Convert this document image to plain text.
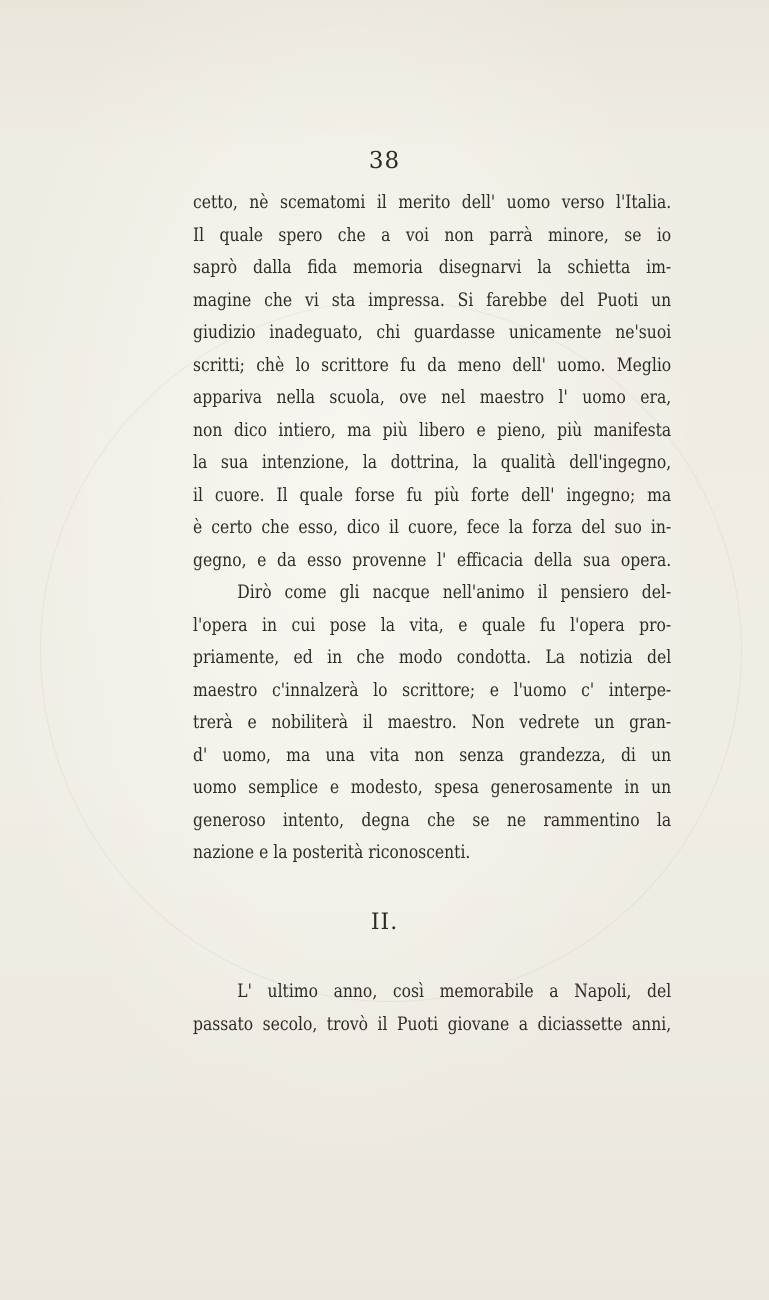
38
cetto, nè scematomi il merito dell' uomo verso l'Italia.
Il quale spero che a voi non parrà minore, se io
saprò dalla fida memoria disegnarvi la schietta im-
magine che vi sta impressa. Si farebbe del Puoti un
giudizio inadeguato, chi guardasse unicamente ne'suoi
scritti; chè lo scrittore fu da meno dell' uomo. Meglio
appariva nella scuola, ove nel maestro l' uomo era,
non dico intiero, ma più libero e pieno, più manifesta
la sua intenzione, la dottrina, la qualità dell'ingegno,
il cuore. Il quale forse fu più forte dell' ingegno; ma
è certo che esso, dico il cuore, fece la forza del suo in-
gegno, e da esso provenne l' efficacia della sua opera.
Dirò come gli nacque nell'animo il pensiero del-
l'opera in cui pose la vita, e quale fu l'opera pro-
priamente, ed in che modo condotta. La notizia del
maestro c'innalzerà lo scrittore; e l'uomo c' interpe-
trerà e nobiliterà il maestro. Non vedrete un gran-
d' uomo, ma una vita non senza grandezza, di un
uomo semplice e modesto, spesa generosamente in un
generoso intento, degna che se ne rammentino la
nazione e la posterità riconoscenti.
II.
L' ultimo anno, così memorabile a Napoli, del
passato secolo, trovò il Puoti giovane a diciassette anni,
